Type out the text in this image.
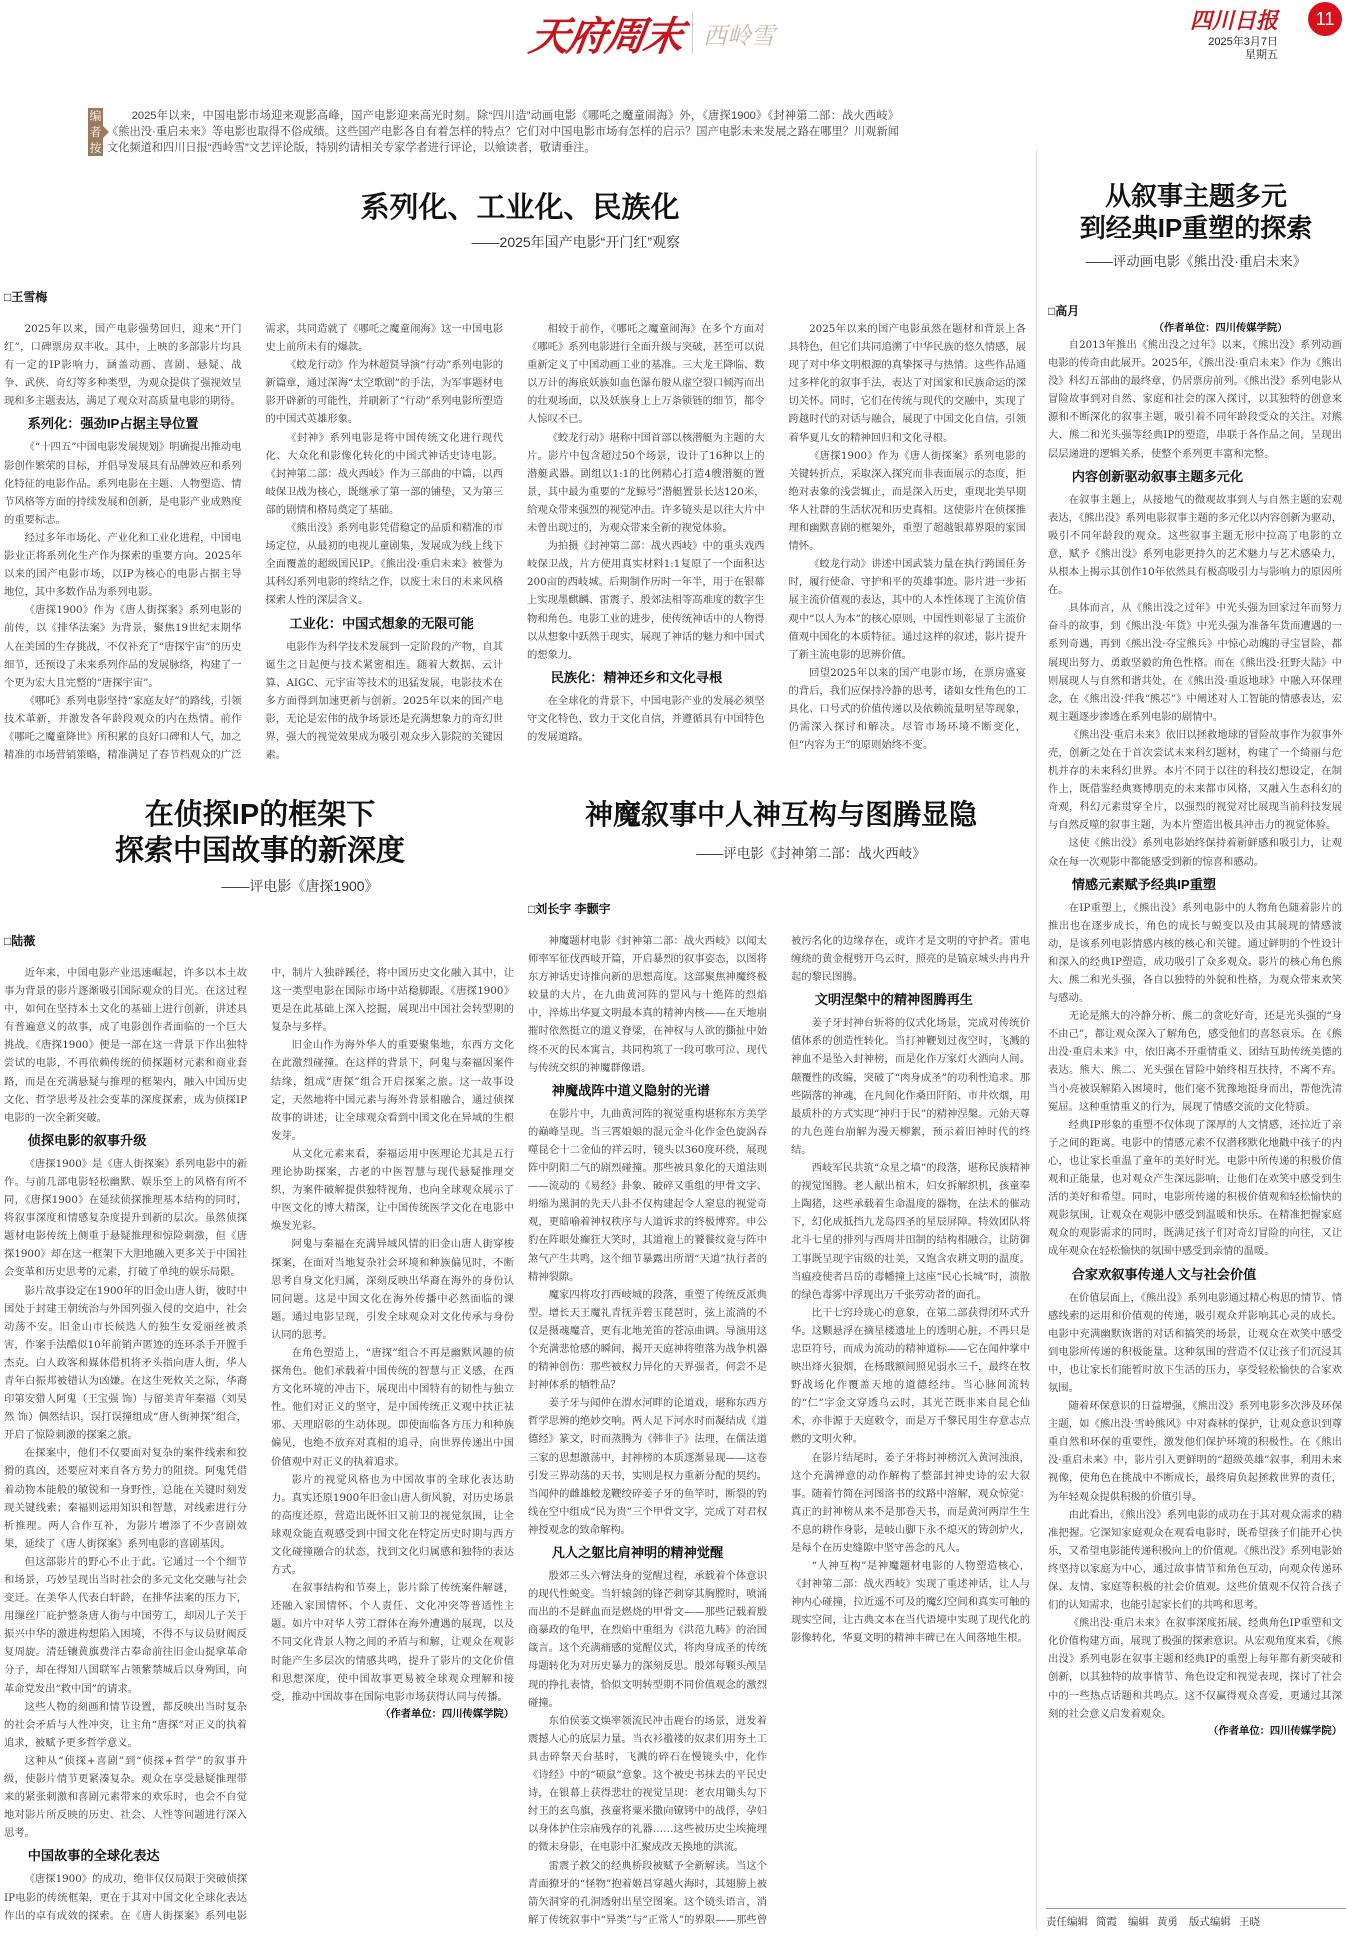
天府周末 西岭雪
四川日报	11
2025年3月7日
星期五
编者按

2025年以来，中国电影市场迎来观影高峰，国产电影迎来高光时刻。除“四川造”动画电影《哪吒之魔童闹海》外，《唐探1900》《封神第二部：战火西岐》《熊出没·重启未来》等电影也取得不俗成绩。这些国产电影各自有着怎样的特点？它们对中国电影市场有怎样的启示？国产电影未来发展之路在哪里？川观新闻文化频道和四川日报“西岭雪”文艺评论版，特别约请相关专家学者进行评论，以飨读者，敬请垂注。

系列化、工业化、民族化
——2025年国产电影“开门红”观察
□王雪梅

2025年以来，国产电影强势回归，迎来“开门红”，口碑票房双丰收。其中，上映的多部影片均具有一定的IP影响力，涵盖动画、喜剧、悬疑、战争、武侠、奇幻等多种类型，为观众提供了强视效呈现和多主题表达，满足了观众对高质量电影的期待。

系列化：强劲IP占据主导位置

《“十四五”中国电影发展规划》明确提出推动电影创作繁荣的目标，并倡导发展具有品牌效应和系列化特征的电影作品。系列电影在主题、人物塑造、情节风格等方面的持续发展和创新，是电影产业成熟度的重要标志。

经过多年市场化、产业化和工业化进程，中国电影业正将系列化生产作为探索的重要方向。2025年以来的国产电影市场，以IP为核心的电影占据主导地位，其中多数作品为系列电影。

《唐探1900》作为《唐人街探案》系列电影的前传，以《排华法案》为背景，聚焦19世纪末期华人在美国的生存挑战，不仅补充了“唐探宇宙”的历史细节，还预设了未来系列作品的发展脉络，构建了一个更为宏大且完整的“唐探宇宙”。

《哪吒》系列电影坚持“家庭友好”的路线，引领技术革新，并激发各年龄段观众的内在热情。前作《哪吒之魔童降世》所积累的良好口碑和人气，加之精准的市场营销策略，精准满足了春节档观众的广泛需求，共同造就了《哪吒之魔童闹海》这一中国电影史上前所未有的爆款。

《蛟龙行动》作为林超贤导演“行动”系列电影的新篇章，通过深海“太空歌剧”的手法，为军事题材电影开辟新的可能性，并刷新了“行动”系列电影所塑造的中国式英雄形象。

《封神》系列电影是将中国传统文化进行现代化、大众化和影像化转化的中国式神话史诗电影。《封神第二部：战火西岐》作为三部曲的中篇，以西岐保卫战为核心，既继承了第一部的铺垫，又为第三部的剧情和格局奠定了基础。

《熊出没》系列电影凭借稳定的品质和精准的市场定位，从最初的电视儿童剧集，发展成为线上线下全面覆盖的超级国民IP。《熊出没·重启未来》被誉为其科幻系列电影的终结之作，以废土末日的未来风格探索人性的深层含义。

工业化：中国式想象的无限可能

电影作为科学技术发展到一定阶段的产物，自其诞生之日起便与技术紧密相连。随着大数据、云计算、AIGC、元宇宙等技术的迅猛发展，电影技术在多方面得到加速更新与创新。2025年以来的国产电影，无论是宏伟的战争场景还是充满想象力的奇幻世界，强大的视觉效果成为吸引观众步入影院的关键因素。

相较于前作，《哪吒之魔童闹海》在多个方面对《哪吒》系列电影进行全面升级与突破，甚至可以说重新定义了中国动画工业的基准。三大龙王降临、数以万计的海底妖族如血色瀑布般从虚空裂口倾泻而出的壮观场面，以及妖族身上上万条锁链的细节，都令人惊叹不已。

《蛟龙行动》堪称中国首部以核潜艇为主题的大片。影片中包含超过50个场景，设计了16种以上的潜艇武器。剧组以1:1的比例精心打造4艘潜艇的置景，其中最为重要的“龙鲸号”潜艇置景长达120米，给观众带来强烈的视觉冲击。许多镜头是以往大片中未曾出现过的，为观众带来全新的视觉体验。

为拍摄《封神第二部：战火西岐》中的重头戏西岐保卫战，片方使用真实材料1:1复原了一个面积达200亩的西岐城。后期制作历时一年半，用于在银幕上实现墨麒麟、雷震子、殷郊法相等高难度的数字生物和角色。电影工业的进步，使传统神话中的人物得以从想象中跃然于现实，展现了神话的魅力和中国式的想象力。

民族化：精神还乡和文化寻根

在全球化的背景下，中国电影产业的发展必须坚守文化特色，致力于文化自信，并遵循具有中国特色的发展道路。

2025年以来的国产电影虽然在题材和背景上各具特色，但它们共同追溯了中华民族的悠久情感，展现了对中华文明根源的真挚探寻与热情。这些作品通过多样化的叙事手法，表达了对国家和民族命运的深切关怀。同时，它们在传统与现代的交融中，实现了跨越时代的对话与融合，展现了中国文化自信，引领着华夏儿女的精神回归和文化寻根。

《唐探1900》作为《唐人街探案》系列电影的关键转折点，采取深入探究而非表面展示的态度，拒绝对表象的浅尝辄止，而是深入历史，重现北美早期华人社群的生活状况和历史真相。这使影片在侦探推理和幽默喜剧的框架外，重塑了超越银幕界限的家国情怀。

《蛟龙行动》讲述中国武装力量在执行跨国任务时，履行使命、守护和平的英雄事迹。影片进一步拓展主流价值观的表达，其中的人本性体现了主流价值观中“以人为本”的核心原则，中国性则彰显了主流价值观中国化的本质特征。通过这样的叙述，影片提升了新主流电影的思辨价值。

回望2025年以来的国产电影市场，在票房盛宴的背后，我们应保持冷静的思考，诸如女性角色的工具化、口号式的价值传递以及依赖流量明星等现象，仍需深入探讨和解决。尽管市场环境不断变化，但“内容为王”的原则始终不变。

（作者单位：四川传媒学院）
从叙事主题多元
到经典IP重塑的探索
——评动画电影《熊出没·重启未来》
□高月

自2013年推出《熊出没之过年》以来，《熊出没》系列动画电影的传奇由此展开。2025年，《熊出没·重启未来》作为《熊出没》科幻五部曲的最终章，仍居票房前列。《熊出没》系列电影从冒险故事到对自然、家庭和社会的深入探讨，以其独特的创意来源和不断深化的叙事主题，吸引着不同年龄段受众的关注。对熊大、熊二和光头强等经典IP的塑造，串联于各作品之间，呈现出层层递进的逻辑关系，使整个系列更丰富和完整。

内容创新驱动叙事主题多元化

在叙事主题上，从接地气的微观故事到人与自然主题的宏观表达，《熊出没》系列电影叙事主题的多元化以内容创新为驱动，吸引不同年龄段的观众。这些叙事主题无形中拉高了电影的立意，赋予《熊出没》系列电影更持久的艺术魅力与艺术感染力，从根本上揭示其创作10年依然具有极高吸引力与影响力的原因所在。

具体而言，从《熊出没之过年》中光头强为回家过年而努力奋斗的故事，到《熊出没·年货》中光头强为准备年货而遭遇的一系列奇遇，再到《熊出没·夺宝熊兵》中惊心动魄的寻宝冒险，都展现出努力、勇敢坚毅的角色性格。而在《熊出没·狂野大陆》中则展现人与自然和谐共处，在《熊出没·重返地球》中融入环保理念，在《熊出没·伴我“熊芯”》中阐述对人工智能的情感表达，宏观主题逐步渗透在系列电影的剧情中。

《熊出没·重启未来》依旧以拯救地球的冒险故事作为叙事外壳，创新之处在于首次尝试未来科幻题材，构建了一个绮丽与危机并存的未来科幻世界。本片不同于以往的科技幻想设定，在制作上，既借鉴经典赛博朋克的未来都市风格，又融入生态科幻的奇观，科幻元素贯穿全片，以强烈的视觉对比展现当前科技发展与自然反噬的叙事主题，为本片塑造出极具冲击力的视觉体验。

这使《熊出没》系列电影始终保持着新鲜感和吸引力，让观众在每一次观影中都能感受到新的惊喜和感动。

情感元素赋予经典IP重塑

在IP重塑上，《熊出没》系列电影中的人物角色随着影片的推出也在逐步成长，角色的成长与蜕变以及由其展现的情感波动，是该系列电影情感内核的核心和关键。通过鲜明的个性设计和深入的经典IP塑造，成功吸引了众多观众。影片的核心角色熊大、熊二和光头强，各自以独特的外貌和性格，为观众带来欢笑与感动。

无论是熊大的冷静分析、熊二的贪吃好奇，还是光头强的“身不由己”，都让观众深入了解角色，感受他们的喜怒哀乐。在《熊出没·重启未来》中，依旧离不开重情重义、团结互助传统美德的表达。熊大、熊二、光头强在冒险中始终相互扶持，不离不弃。当小亮被误解陷入困境时，他们毫不犹豫地挺身而出，帮他洗清冤屈。这种重情重义的行为，展现了情感交流的文化特质。

经典IP形象的重塑不仅体现了深厚的人文情感，还拉近了亲子之间的距离。电影中的情感元素不仅潜移默化地戳中孩子的内心，也让家长重温了童年的美好时光。电影中所传递的积极价值观和正能量，也对观众产生深远影响，让他们在欢笑中感受到生活的美好和希望。同时，电影所传递的积极价值观和轻松愉快的观影氛围，让观众在观影中感受到温暖和快乐。在精准把握家庭观众的观影需求的同时，既满足孩子们对奇幻冒险的向往，又让成年观众在轻松愉快的氛围中感受到亲情的温暖。

合家欢叙事传递人文与社会价值

在价值层面上，《熊出没》系列电影通过精心构思的情节、情感线索的运用和价值观的传递，吸引观众并影响其心灵的成长。电影中充满幽默诙谐的对话和搞笑的场景，让观众在欢笑中感受到电影所传递的积极能量。这种氛围的营造不仅让孩子们沉浸其中，也让家长们能暂时放下生活的压力，享受轻松愉快的合家欢氛围。

随着环保意识的日益增强，《熊出没》系列电影多次涉及环保主题，如《熊出没·雪岭熊风》中对森林的保护，让观众意识到尊重自然和环保的重要性，激发他们保护环境的积极性。在《熊出没·重启未来》中，影片引入更鲜明的“超级英雄”叙事，利用未来视像，使角色在挑战中不断成长，最终肩负起拯救世界的责任，为年轻观众提供积极的价值引导。

由此看出，《熊出没》系列电影的成功在于其对观众需求的精准把握。它深知家庭观众在观看电影时，既希望孩子们能开心快乐，又希望电影能传递积极向上的价值观。《熊出没》系列电影始终坚持以家庭为中心，通过故事情节和角色互动，向观众传递环保、友情、家庭等积极的社会价值观。这些价值观不仅符合孩子们的认知需求，也能引起家长们的共鸣和思考。

《熊出没·重启未来》在叙事深度拓展、经典角色IP重塑和文化价值构建方面，展现了极强的探索意识。从宏观角度来看，《熊出没》系列电影在叙事主题和经典IP的重塑上每年都有新突破和创新，以其独特的故事情节、角色设定和视觉表现，探讨了社会中的一些热点话题和共鸣点。这不仅赢得观众喜爱，更通过其深刻的社会意义启发着观众。

（作者单位：四川传媒学院）
在侦探IP的框架下
探索中国故事的新深度
——评电影《唐探1900》
□陆薇

近年来，中国电影产业迅速崛起，许多以本土故事为背景的影片逐渐吸引国际观众的目光。在这过程中，如何在坚持本土文化的基础上进行创新，讲述具有普遍意义的故事，成了电影创作者面临的一个巨大挑战。《唐探1900》便是一部在这一背景下作出独特尝试的电影，不再依赖传统的侦探题材元素和商业套路，而是在充满悬疑与推理的框架内，融入中国历史文化、哲学思考及社会变革的深度探索，成为侦探IP电影的一次全新突破。

侦探电影的叙事升级

《唐探1900》是《唐人街探案》系列电影中的新作。与前几部电影轻松幽默、娱乐至上的风格有所不同，《唐探1900》在延续侦探推理基本结构的同时，将叙事深度和情感复杂度提升到新的层次。虽然侦探题材电影传统上侧重于悬疑推理和惊险刺激，但《唐探1900》却在这一框架下大胆地融入更多关于中国社会变革和历史思考的元素，打破了单纯的娱乐局限。

影片故事设定在1900年的旧金山唐人街，彼时中国处于封建王朝统治与外国列强入侵的交迫中，社会动荡不安。旧金山市长候选人的独生女爱丽丝被杀害，作案手法酷似10年前销声匿迹的连环杀手开膛手杰克。白人政客和媒体借机将矛头指向唐人街，华人青年白振邦被错认为凶嫌。在这生死攸关之际，华裔印第安猎人阿鬼（王宝强 饰）与留美青年秦福（刘昊然 饰）偶然结识，误打误撞组成“唐人街神探”组合，开启了惊险刺激的探案之旅。

在探案中，他们不仅要面对复杂的案件线索和狡猾的真凶，还要应对来自各方势力的阻挠。阿鬼凭借着动物本能般的敏锐和一身野性，总能在关键时刻发现关键线索；秦福则运用知识和智慧，对线索进行分析推理。两人合作互补，为影片增添了不少喜剧效果，延续了《唐人街探案》系列电影的喜剧基因。

但这部影片的野心不止于此。它通过一个个细节和场景，巧妙呈现出当时社会的多元文化交融与社会变迁。在美华人代表白轩龄，在排华法案的压力下，用缫丝厂庇护整条唐人街与中国劳工，却因儿子关于振兴中华的激进构想陷入困境，不得不与议员财阀反复周旋。清廷镶黄旗费洋古奉命前往旧金山捉拿革命分子，却在得知八国联军占领紫禁城后以身殉国，向革命党发出“救中国”的请求。

这些人物的刻画和情节设置，都反映出当时复杂的社会矛盾与人性冲突，让主角“唐探”对正义的执着追求，被赋予更多哲学意义。

这种从“侦探+喜剧”到“侦探+哲学”的叙事升级，使影片情节更紧凑复杂。观众在享受悬疑推理带来的紧张刺激和喜剧元素带来的欢乐时，也会不自觉地对影片所反映的历史、社会、人性等问题进行深入思考。

中国故事的全球化表达

《唐探1900》的成功，绝非仅仅局限于突破侦探IP电影的传统框架，更在于其对中国文化全球化表达作出的卓有成效的探索。在《唐人街探案》系列电影中，制片人独辟蹊径，将中国历史文化融入其中，让这一类型电影在国际市场中站稳脚跟。《唐探1900》更是在此基础上深入挖掘，展现出中国社会转型期的复杂与多样。

旧金山作为海外华人的重要聚集地，东西方文化在此激烈碰撞。在这样的背景下，阿鬼与秦福因案件结缘，组成“唐探”组合开启探案之旅。这一故事设定，天然地将中国元素与海外背景相融合，通过侦探故事的讲述，让全球观众看到中国文化在异域的生根发芽。

从文化元素来看，秦福运用中医理论尤其是五行理论协助探案，古老的中医智慧与现代悬疑推理交织，为案件破解提供独特视角，也向全球观众展示了中医文化的博大精深，让中国传统医学文化在电影中焕发光彩。

阿鬼与秦福在充满异域风情的旧金山唐人街穿梭探案，在面对当地复杂社会环境和种族偏见时，不断思考自身文化归属，深刻反映出华裔在海外的身份认同问题。这是中国文化在海外传播中必然面临的课题。通过电影呈现，引发全球观众对文化传承与身份认同的思考。

在角色塑造上，“唐探”组合不再是幽默风趣的侦探角色。他们承载着中国传统的智慧与正义感，在西方文化环境的冲击下，展现出中国特有的韧性与独立性。他们对正义的坚守，是中国传统正义观中扶正祛邪、天理昭彰的生动体现。即使面临各方压力和种族偏见，也绝不放弃对真相的追寻，向世界传递出中国价值观中对正义的执着追求。

影片的视觉风格也为中国故事的全球化表达助力。真实还原1900年旧金山唐人街风貌，对历史场景的高度还原，营造出既怀旧又前卫的视觉氛围，让全球观众能直观感受到中国文化在特定历史时期与西方文化碰撞融合的状态，找到文化归属感和独特的表达方式。

在叙事结构和节奏上，影片除了传统案件解谜，还融入家国情怀、个人责任、文化冲突等普适性主题。如片中对华人劳工群体在海外遭遇的展现，以及不同文化背景人物之间的矛盾与和解，让观众在观影时能产生多层次的情感共鸣，提升了影片的文化价值和思想深度，使中国故事更易被全球观众理解和接受，推动中国故事在国际电影市场获得认同与传播。

（作者单位：四川传媒学院）
神魔叙事中人神互构与图腾显隐
——评电影《封神第二部：战火西岐》
□刘长宇 李颢宇

神魔题材电影《封神第二部：战火西岐》以闻太师率军征伐西岐开篇，开启暴烈的叙事姿态，以图将东方神话史诗推向新的思想高度。这部聚焦神魔终极较量的大片，在九曲黄河阵的罡风与十绝阵的烈焰中，淬炼出华夏文明最本真的精神内核——在天地崩摧时依然挺立的道义脊梁，在神权与人欲的撕扯中始终不灭的民本寓言，共同构筑了一段可歌可泣、现代与传统交织的神魔群像谱。

神魔战阵中道义隐射的光谱

在影片中，九曲黄河阵的视觉重构堪称东方美学的巅峰呈现。当三霄娘娘的混元金斗化作金色旋涡吞噬昆仑十二金仙的祥云时，镜头以360度环绕，展现阵中阴阳二气的剧烈碰撞。那些被具象化的天道法则——流动的《易经》卦象、破碎又重组的甲骨文字、坍缩为黑洞的先天八卦不仅构建起令人窒息的视觉奇观，更暗喻着神权秩序与人道诉求的终极博弈。申公豹在阵眼处癫狂大笑时，其道袍上的饕餮纹竟与阵中煞气产生共鸣，这个细节暴露出所谓“天道”执行者的精神裂隙。

魔家四将攻打西岐城的段落，重塑了传统反派典型。增长天王魔礼青抚弄碧玉琵琶时，弦上流淌的不仅是摄魂魔音，更有北地羌笛的苍凉曲调。导演用这个充满悲怆感的瞬间，揭开天庭神将堕落为战争机器的精神创伤：那些被权力异化的天界强者，何尝不是封神体系的牺牲品？

姜子牙与闻仲在渭水河畔的论道戏，堪称东西方哲学思辨的绝妙交响。两人足下河水时而凝结成《道德经》篆文，时而蒸腾为《韩非子》法理，在儒法道三家的思想激荡中，封神榜的本质逐渐显现——这卷引发三界动荡的天书，实则是权力重新分配的契约。当闻仲的雌雄蛟龙鞭绞碎姜子牙的鱼竿时，断裂的钓线在空中组成“民为贵”三个甲骨文字，完成了对君权神授观念的致命解构。

凡人之躯比肩神明的精神觉醒

殷郊三头六臂法身的觉醒过程，承载着个体意识的现代性蜕变。当轩辕剑的锋芒刺穿其胸膛时，喷涌而出的不是鲜血而是燃烧的甲骨文——那些记载着殷商暴政的龟甲，在烈焰中重组为《洪范九畴》的治国箴言。这个充满痛感的觉醒仪式，将肉身成圣的传统母题转化为对历史暴力的深刻反思。殷郊每颗头颅呈现的挣扎表情，恰似文明转型期不同价值观念的激烈碰撞。

东伯侯姜文焕率领流民冲击鹿台的场景，迸发着震撼人心的底层力量。当衣衫褴褛的奴隶们用夯土工具击碎祭天台基时，飞溅的碎石在慢镜头中，化作《诗经》中的“硕鼠”意象。这个被史书抹去的平民史诗，在银幕上获得悲壮的视觉呈现：老农用锄头勾下纣王的玄鸟旗，孩童将粟米撒向镣铐中的战俘，孕妇以身体护住宗庙残存的礼器……这些被历史尘埃掩埋的微末身影，在电影中汇聚成改天换地的洪流。

雷震子救父的经典桥段被赋予全新解读。当这个青面獠牙的“怪物”抱着姬昌穿越火海时，其翅膀上被箭矢洞穿的孔洞透射出星空图案。这个镜头语言，消解了传统叙事中“异类”与“正常人”的界限——那些曾被污名化的边缘存在，或许才是文明的守护者。雷电缠绕的黄金棍劈开乌云时，照亮的是镐京城头冉冉升起的黎民图腾。

文明涅槃中的精神图腾再生

姜子牙封神台斩将的仪式化场景，完成对传统价值体系的创造性转化。当打神鞭划过夜空时，飞溅的神血不是坠入封神榜，而是化作万家灯火洒向人间。颠覆性的改编，突破了“肉身成圣”的功利性追求。那些陨落的神魂，在凡间化作桑田阡陌、市井炊烟，用最质朴的方式实现“神归于民”的精神涅槃。元始天尊的九色莲台崩解为漫天柳絮，预示着旧神时代的终结。

西岐军民共筑“众星之墙”的段落，堪称民族精神的视觉图腾。老人献出棺木，妇女拆解织机，孩童奉上陶猪，这些承载着生命温度的器物，在法术的催动下，幻化成抵挡九龙岛四圣的星辰屏障。特效团队将北斗七星的排列与西周井田制的结构相融合，让防御工事既呈现宇宙级的壮美，又饱含农耕文明的温度。当瘟疫使者吕岳的毒幡撞上这座“民心长城”时，溃散的绿色毒雾中浮现出万千张劳动者的面孔。

比干七窍玲珑心的意象，在第二部获得闭环式升华。这颗悬浮在摘星楼遗址上的透明心脏，不再只是忠臣符号，而成为流动的精神道标——它在闻仲掌中映出烽火狼烟，在杨戬额间照见弱水三千，最终在牧野战场化作覆盖天地的道德经纬。当心脉间流转的“仁”字金文穿透乌云时，其光芒既非来自昆仑仙术，亦非源于天庭敕令，而是万千黎民用生存意志点燃的文明火种。

在影片结尾时，姜子牙将封神榜沉入黄河浊浪，这个充满禅意的动作解构了整部封神史诗的宏大叙事。随着竹简在河图洛书的纹路中溶解，观众惊觉：真正的封神榜从来不是那卷天书，而是黄河两岸生生不息的耕作身影，是岐山脚下永不熄灭的铸剑炉火，是每个在历史缝隙中坚守善念的凡人。

“人神互构”是神魔题材电影的人物塑造核心，《封神第二部：战火西岐》实现了重述神话，让人与神内心碰撞，拉近遥不可及的魔幻空间和真实可触的现实空间，让古典文本在当代语境中实现了现代化的影像转化，华夏文明的精神丰碑已在人间落地生根。

责任编辑 简霞 编辑 黄勇 版式编辑 王晓
